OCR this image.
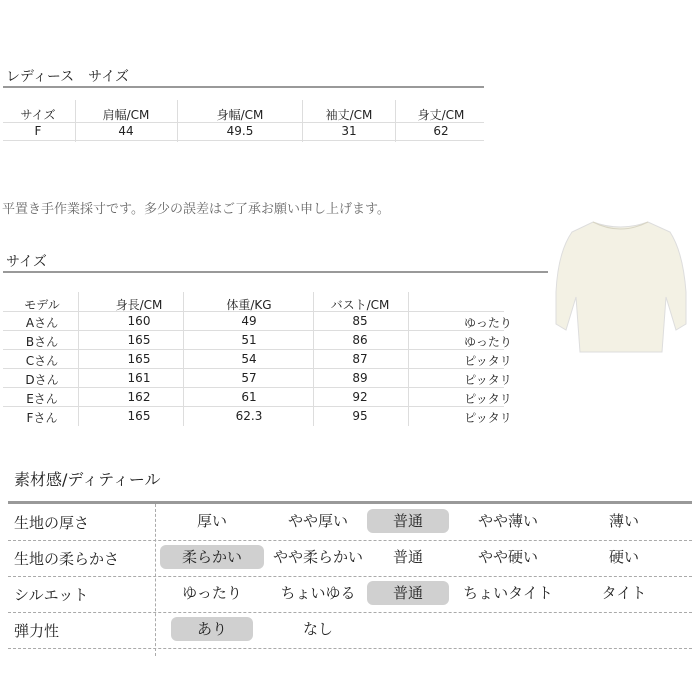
レディース　サイズ
サイズ	肩幅/CM	身幅/CM	袖丈/CM	身丈/CM
F	44	49.5	31	62
平置き手作業採寸です。多少の誤差はご了承お願い申し上げます。
サイズ
モデル	身長/CM	体重/KG	バスト/CM
Aさん	160	49	85	ゆったり
Bさん	165	51	86	ゆったり
Cさん	165	54	87	ピッタリ
Dさん	161	57	89	ピッタリ
Eさん	162	61	92	ピッタリ
Fさん	165	62.3	95	ピッタリ
素材感/ディティール
生地の厚さ	厚い	やや厚い	普通	やや薄い	薄い
生地の柔らかさ	柔らかい	やや柔らかい	普通	やや硬い	硬い
シルエット	ゆったり	ちょいゆる	普通	ちょいタイト	タイト
弾力性	あり	なし
